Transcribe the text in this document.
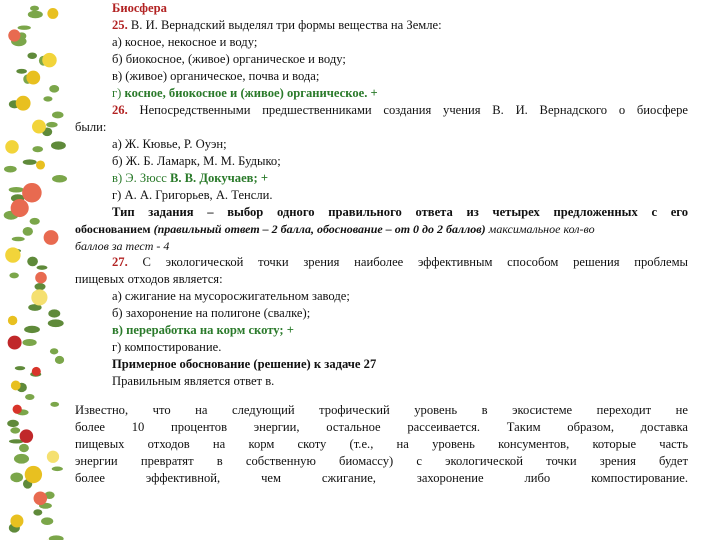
Биосфера
25. В. И. Вернадский выделял три формы вещества на Земле:
а) косное, некосное и воду;
б) биокосное, (живое) органическое и воду;
в) (живое) органическое, почва и вода;
г) косное, биокосное и (живое) органическое. +
26. Непосредственными предшественниками создания учения В. И. Вернадского о биосфере
были:
а) Ж. Кювье, Р. Оуэн;
б) Ж. Б. Ламарк, М. М. Будыко;
в) Э. Зюсс В. В. Докучаев; +
г) А. А. Григорьев, А. Тенсли.
Тип задания – выбор одного правильного ответа из четырех предложенных с его
обоснованием (правильный ответ – 2 балла, обоснование – от 0 до 2 баллов) максимальное кол-во
баллов за тест - 4
27. С экологической точки зрения наиболее эффективным способом решения проблемы
пищевых отходов является:
а) сжигание на мусоросжигательном заводе;
б) захоронение на полигоне (свалке);
в) переработка на корм скоту; +
г) компостирование.
Примерное обоснование (решение) к задаче 27
Правильным является ответ в.
Известно, что на следующий трофический уровень в экосистеме переходит не
более 10 процентов энергии, остальное рассеивается. Таким образом, доставка
пищевых отходов на корм скоту (т.е., на уровень консументов, которые часть
энергии превратят в собственную биомассу) с экологической точки зрения будет
более эффективной, чем сжигание, захоронение либо компостирование.
